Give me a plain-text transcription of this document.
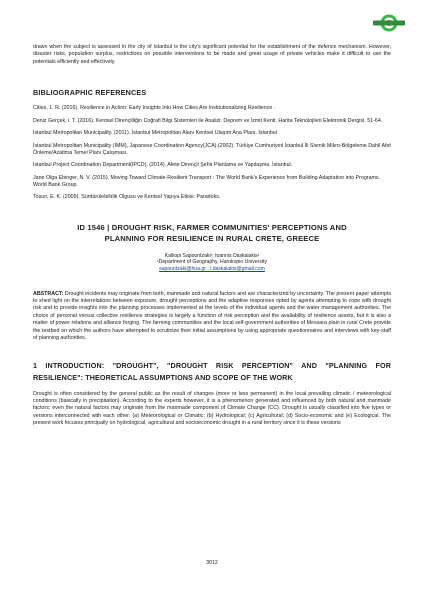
drawn when the subject is assessed in the city of Istanbul is the city's significant potential for the establishment of the defence mechanism. However, disaster risks, population surplus, restrictions on possible interventions to be made and great usage of private vehicles make it difficult to use the potentials efficiently and effectively.

BIBLIOGRAPHIC REFERENCES

Cities, 1. R. (2016). Resilience in Action: Early Insights Into How Cities Are Institutionalizing Resilience .

Deniz Gerçek, i. T. (2016). Kentsel Dirençliliğin Coğrafi Bilgi Sistemleri ile Analizi: Deprem ve İzmit Kenti. Harita Teknolojileri Elektronik Dergisi, 51-64.

İstanbul Metropolitan Municipality. (2011). İstanbul Metropolitan Alanı Kentsel Ulaşım Ana Planı. İstanbul

İstanbul Metropolitan Municipality (İMM), Japanese Coordination Agency(JCA).(2002). Türkiye Cumhuriyeti İstanbul İli Sismik Mikro-Bölgeleme Dahil Afet Önleme/Azaltma Temel Planı Çalışması.

İstanbul Project Coordination Department(IPCD). (2014). Afete Dirençli Şehir Planlama ve Yapılaşma. İstanbul.

Jane Olga Ebinger, N. V. (2015). Moving Toward Climate-Resilient Transport : The World Bank's Experience from Building Adaptation into Programs. World Bank Group.

Tosun, E. K. (2009). Sürdürülebilirlik Olgusu ve Kentsel Yapıya Etkisi. Paradoks.

ID 1546 | DROUGHT RISK, FARMER COMMUNITIES' PERCEPTIONS AND
PLANNING FOR RESILIENCE IN RURAL CRETE, GREECE
Kalliopi Sapountzaki¹; Ioannis Daskalakis²
¹Department of Geography, Harokopio University
sapountzaki@hua.gr ; i.daskalakis@gmail.com

ABSTRACT: Drought incidents may originate from both, manmade and natural factors and are characterized by uncertainty. The present paper attempts to shed light on the interrelations between exposure, drought perceptions and the adaptive responses opted by agents attempting to cope with drought risk and to provide insights into the planning processes implemented at the levels of the individual agents and the water management authorities. The choice of personal versus collective resilience strategies is largely a function of risk perception and the availability of resilience assets, but it is also a matter of power relations and alliance forging. The farming communities and the local self-government authorities of Messara plain in rural Crete provide the testbed on which the authors have attempted to scrutinize their initial assumptions by using appropriate questionnaires and interviews with key-staff of planning authorities.

1 INTRODUCTION: "DROUGHT", "DROUGHT RISK PERCEPTION" AND "PLANNING FOR RESILIENCE": THEORETICAL ASSUMPTIONS AND SCOPE OF THE WORK

Drought is often considered by the general public as the result of changes (more or less permanent) in the local prevailing climatic / meteorological conditions (basically in precipitation). According to the experts however, it is a phenomenon generated and influenced by both natural and manmade factors; even the natural factors may originate from the manmade component of Climate Change (CC). Drought is usually classified into five types or versions interconnected with each other: (a) Meteorological or Climatic; (b) Hydrological; (c) Agricultural; (d) Socio-economic and (e) Ecological. The present work focuses principally on hydrological, agricultural and socioeconomic drought in a rural territory since it is these versions

3012
